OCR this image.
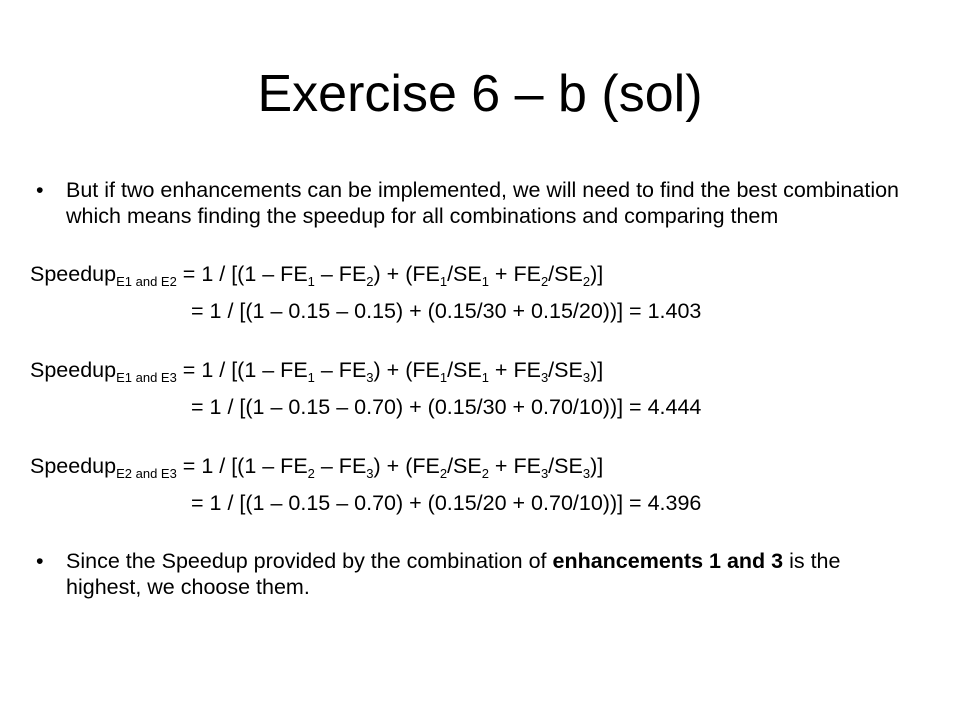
Exercise 6 – b (sol)
• But if two enhancements can be implemented, we will need to find the best combination which means finding the speedup for all combinations and comparing them
Speedup$_{E1 and E2}$ = $1 / [(1 - FE_1 - FE_2) + (FE_1/SE_1 + FE_2/SE_2)]$
= 1 / [(1 – 0.15 – 0.15) + (0.15/30 + 0.15/20))] = 1.403
Speedup$_{E1 and E3}$ = $1 / [(1 - FE_1 - FE_3) + (FE_1/SE_1 + FE_3/SE_3)]$
= 1 / [(1 – 0.15 – 0.70) + (0.15/30 + 0.70/10))] = 4.444
Speedup$_{E2 and E3}$ = $1 / [(1 - FE_2 - FE_3) + (FE_2/SE_2 + FE_3/SE_3)]$
= 1 / [(1 – 0.15 – 0.70) + (0.15/20 + 0.70/10))] = 4.396
• Since the Speedup provided by the combination of enhancements 1 and 3 is the highest, we choose them.
